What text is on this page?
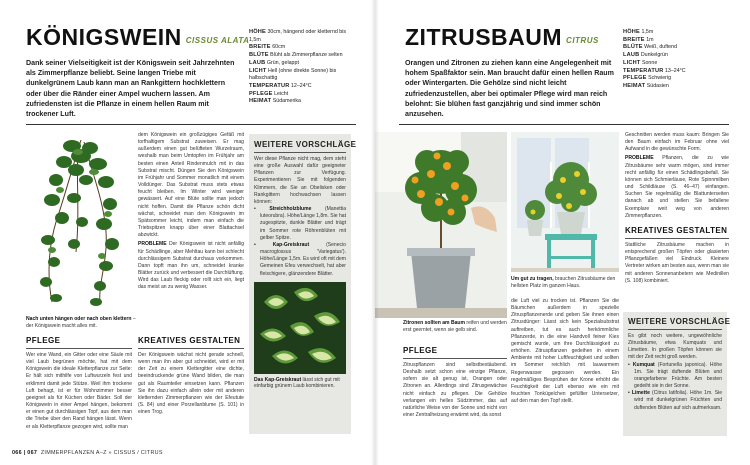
KÖNIGSWEIN CISSUS ALATA
Dank seiner Vielseitigkeit ist der Königswein seit Jahrzehnten als Zimmerpflanze beliebt. Seine langen Triebe mit dunkelgrünem Laub kann man an Rankgittern hochklettern oder über die Ränder einer Ampel wuchern lassen. Am zufriedensten ist die Pflanze in einem hellen Raum mit trockener Luft.
HÖHE 30cm, hängend oder kletternd bis 1,5m
BREITE 60cm
BLÜTE Blüht als Zimmerpflanze selten
LAUB Grün, gelappt
LICHT Hell (ohne direkte Sonne) bis halbschattig
TEMPERATUR 12–24°C
PFLEGE Leicht
HEIMAT Südamerika
Nach unten hängen oder nach oben klettern – der Königswein macht alles mit.
PFLEGE
Wer eine Wand, ein Gitter oder eine Säule mit viel Laub begrünen möchte, hat mit dem Königswein die ideale Kletterpflanze zur Seite: Er hält sich mithilfe von Luftwurzeln fest und erklimmt damit jede Stütze. Weil ihm trockene Luft behagt, ist er für Wohnzimmer besser geeignet als für Küchen oder Bäder. Soll der Königswein in einer Ampel hängen, bekommt er einen gut durchlässigen Topf, aus dem man die Triebe über den Rand hängen lässt. Wenn er als Kletterpflanze gezogen wird, sollte man
dem Königswein ein großzügiges Gefäß mit torfhaltigem Substrat zuweisen. Er mag außerdem einen gut belüfteten Wurzelraum, weshalb man beim Umtopfen im Frühjahr am besten einen Anteil Rindenmulch mit in das Substrat mischt. Düngen Sie den Königswein im Frühjahr und Sommer monatlich mit einem Volldünger. Das Substrat muss stets etwas feucht bleiben. Im Winter wird weniger gewässert. Auf eine Blüte sollte man jedoch nicht hoffen. Damit die Pflanze schön dicht wächst, schneidet man den Königswein im Spätsommer leicht, indem man einfach die Triebspitzen knapp über einer Blattachsel abzwickt.
PROBLEME Der Königswein ist nicht anfällig für Schädlinge, aber Mehltau kann bei schlecht durchlässigem Substrat durchaus vorkommen. Dann topft man ihn um, schneidet kranke Blätter zurück und verbessert die Durchlüftung. Wird das Laub fleckig oder rollt sich ein, liegt das meist an zu wenig Wasser.
KREATIVES GESTALTEN
Der Königswein wächst nicht gerade schnell, wenn man ihn aber gut schneidet, wird er mit der Zeit zu einem Klettergitter eine dichte, beeindruckende grüne Wand bilden, die man gut als Raumteiler einsetzen kann. Pflanzen Sie ihn dazu einfach allein oder mit anderen kletternden Zimmerpflanzen wie der Efeutute (S. 84) und einer Porzellanblume (S. 101) in einen Trog.
WEITERE VORSCHLÄGE
Wer diese Pflanze nicht mag, dem steht eine große Auswahl dafür geeigneter Pflanzen zur Verfügung. Experimentieren Sie mit folgenden Klimmern, die Sie an Obelisken oder Rankgittern hochwachsen lassen können:
• Streichholzblume (Manettia luteorubra). Höhe/Länge 1,8m. Sie hat zugespitzte, dunkle Blätter und trägt im Sommer rote Röhrenblüten mit gelber Spitze.
• Kap-Greiskraut (Senecio macroglossus 'Variegatus'). Höhe/Länge 1,5m. Es wird oft mit dem Gemeinen Efeu verwechselt, hat aber fleischigere, glänzendere Blätter.
Das Kap-Greiskraut lässt sich gut mit einfarbig grünem Laub kombinieren.
066 | 067 ZIMMERPFLANZEN A–Z » CISSUS / CITRUS
ZITRUSBAUM CITRUS
Orangen und Zitronen zu ziehen kann eine Angelegenheit mit hohem Spaßfaktor sein. Man braucht dafür einen hellen Raum oder Wintergarten. Die Gehölze sind nicht leicht zufriedenzustellen, aber bei optimaler Pflege wird man reich belohnt: Sie blühen fast ganzjährig und sind immer schön anzusehen.
HÖHE 1,5m
BREITE 1m
BLÜTE Weiß, duftend
LAUB Dunkelgrün
LICHT Sonne
TEMPERATUR 13–24°C
PFLEGE Schwierig
HEIMAT Südasien
Zitronen sollten am Baum reifen und werden erst geerntet, wenn sie gelb sind.
Um gut zu tragen, brauchen Zitrusbäume den hellsten Platz im ganzen Haus.
PFLEGE
Zitruspflanzen sind selbstbestäubend. Deshalb setzt schon eine einzige Pflanze, sofern sie alt genug ist, Orangen oder Zitronen an. Allerdings sind Zitrusgewächse nicht einfach zu pflegen. Die Gehölze verlangen ein helles Südzimmer, das auf natürliche Weise von der Sonne und nicht von einer Zentralheizung erwärmt wird, da sonst
die Luft viel zu trocken ist. Pflanzen Sie die Bäumchen außerdem in spezielle Zitruspflanzenerde und geben Sie ihnen einen Zitrusdünger: Lässt sich kein Spezialsubstrat auftreiben, tut es auch herkömmliche Pflanzerde, in die eine Handvoll feiner Kies gemischt wurde, um ihre Durchlässigkeit zu erhöhen. Zitruspflanzen gedeihen in einem Ambiente mit hoher Luftfeuchtigkeit und sollten im Sommer reichlich mit lauwarmem Regenwasser gegossen werden. Ein regelmäßiges Besprühen der Krone erhöht die Feuchtigkeit der Luft ebenso wie ein mit feuchten Tonkügelchen gefüllter Untersetzer, auf den man den Topf stellt.
Geschnitten werden muss kaum: Bringen Sie den Baum einfach im Februar ohne viel Aufwand in die gewünschte Form.
PROBLEME Pflanzen, die zu wie Zitrusbäume sehr warm mögen, sind immer recht anfällig für einen Schädlingsbefall. Sie können sich Schmierläuse, Rote Spinnmilben und Schildläuse (S. 46–47) einfangen. Suchen Sie regelmäßig die Blattunterseiten danach ab und stellen Sie befallene Exemplare weit weg von anderen Zimmerpflanzen.
KREATIVES GESTALTEN
Stattliche Zitrusbäume machen in entsprechend großen Töpfen oder glasierten Pflanzgefäßen viel Eindruck. Kleinere Vertreter wirken am besten aus, wenn man sie mit anderen Sonnenanbetern wie Medinillen (S. 108) kombiniert.
WEITERE VORSCHLÄGE
Es gibt noch weitere, ungewöhnliche Zitrusbäume, etwa Kumquats und Limetten. In großen Töpfen können sie mit der Zeit recht groß werden.
• Kumquat (Fortunella japonica). Höhe 1m. Sie trägt duftende Blüten und orangefarbene Früchte. Am besten gedeiht sie in der Sonne.
• Limette (Citrus latifolia). Höhe 1m. Sie wird mit dunkelgrünen Früchten und duftenden Blüten auf sich aufmerksam.
